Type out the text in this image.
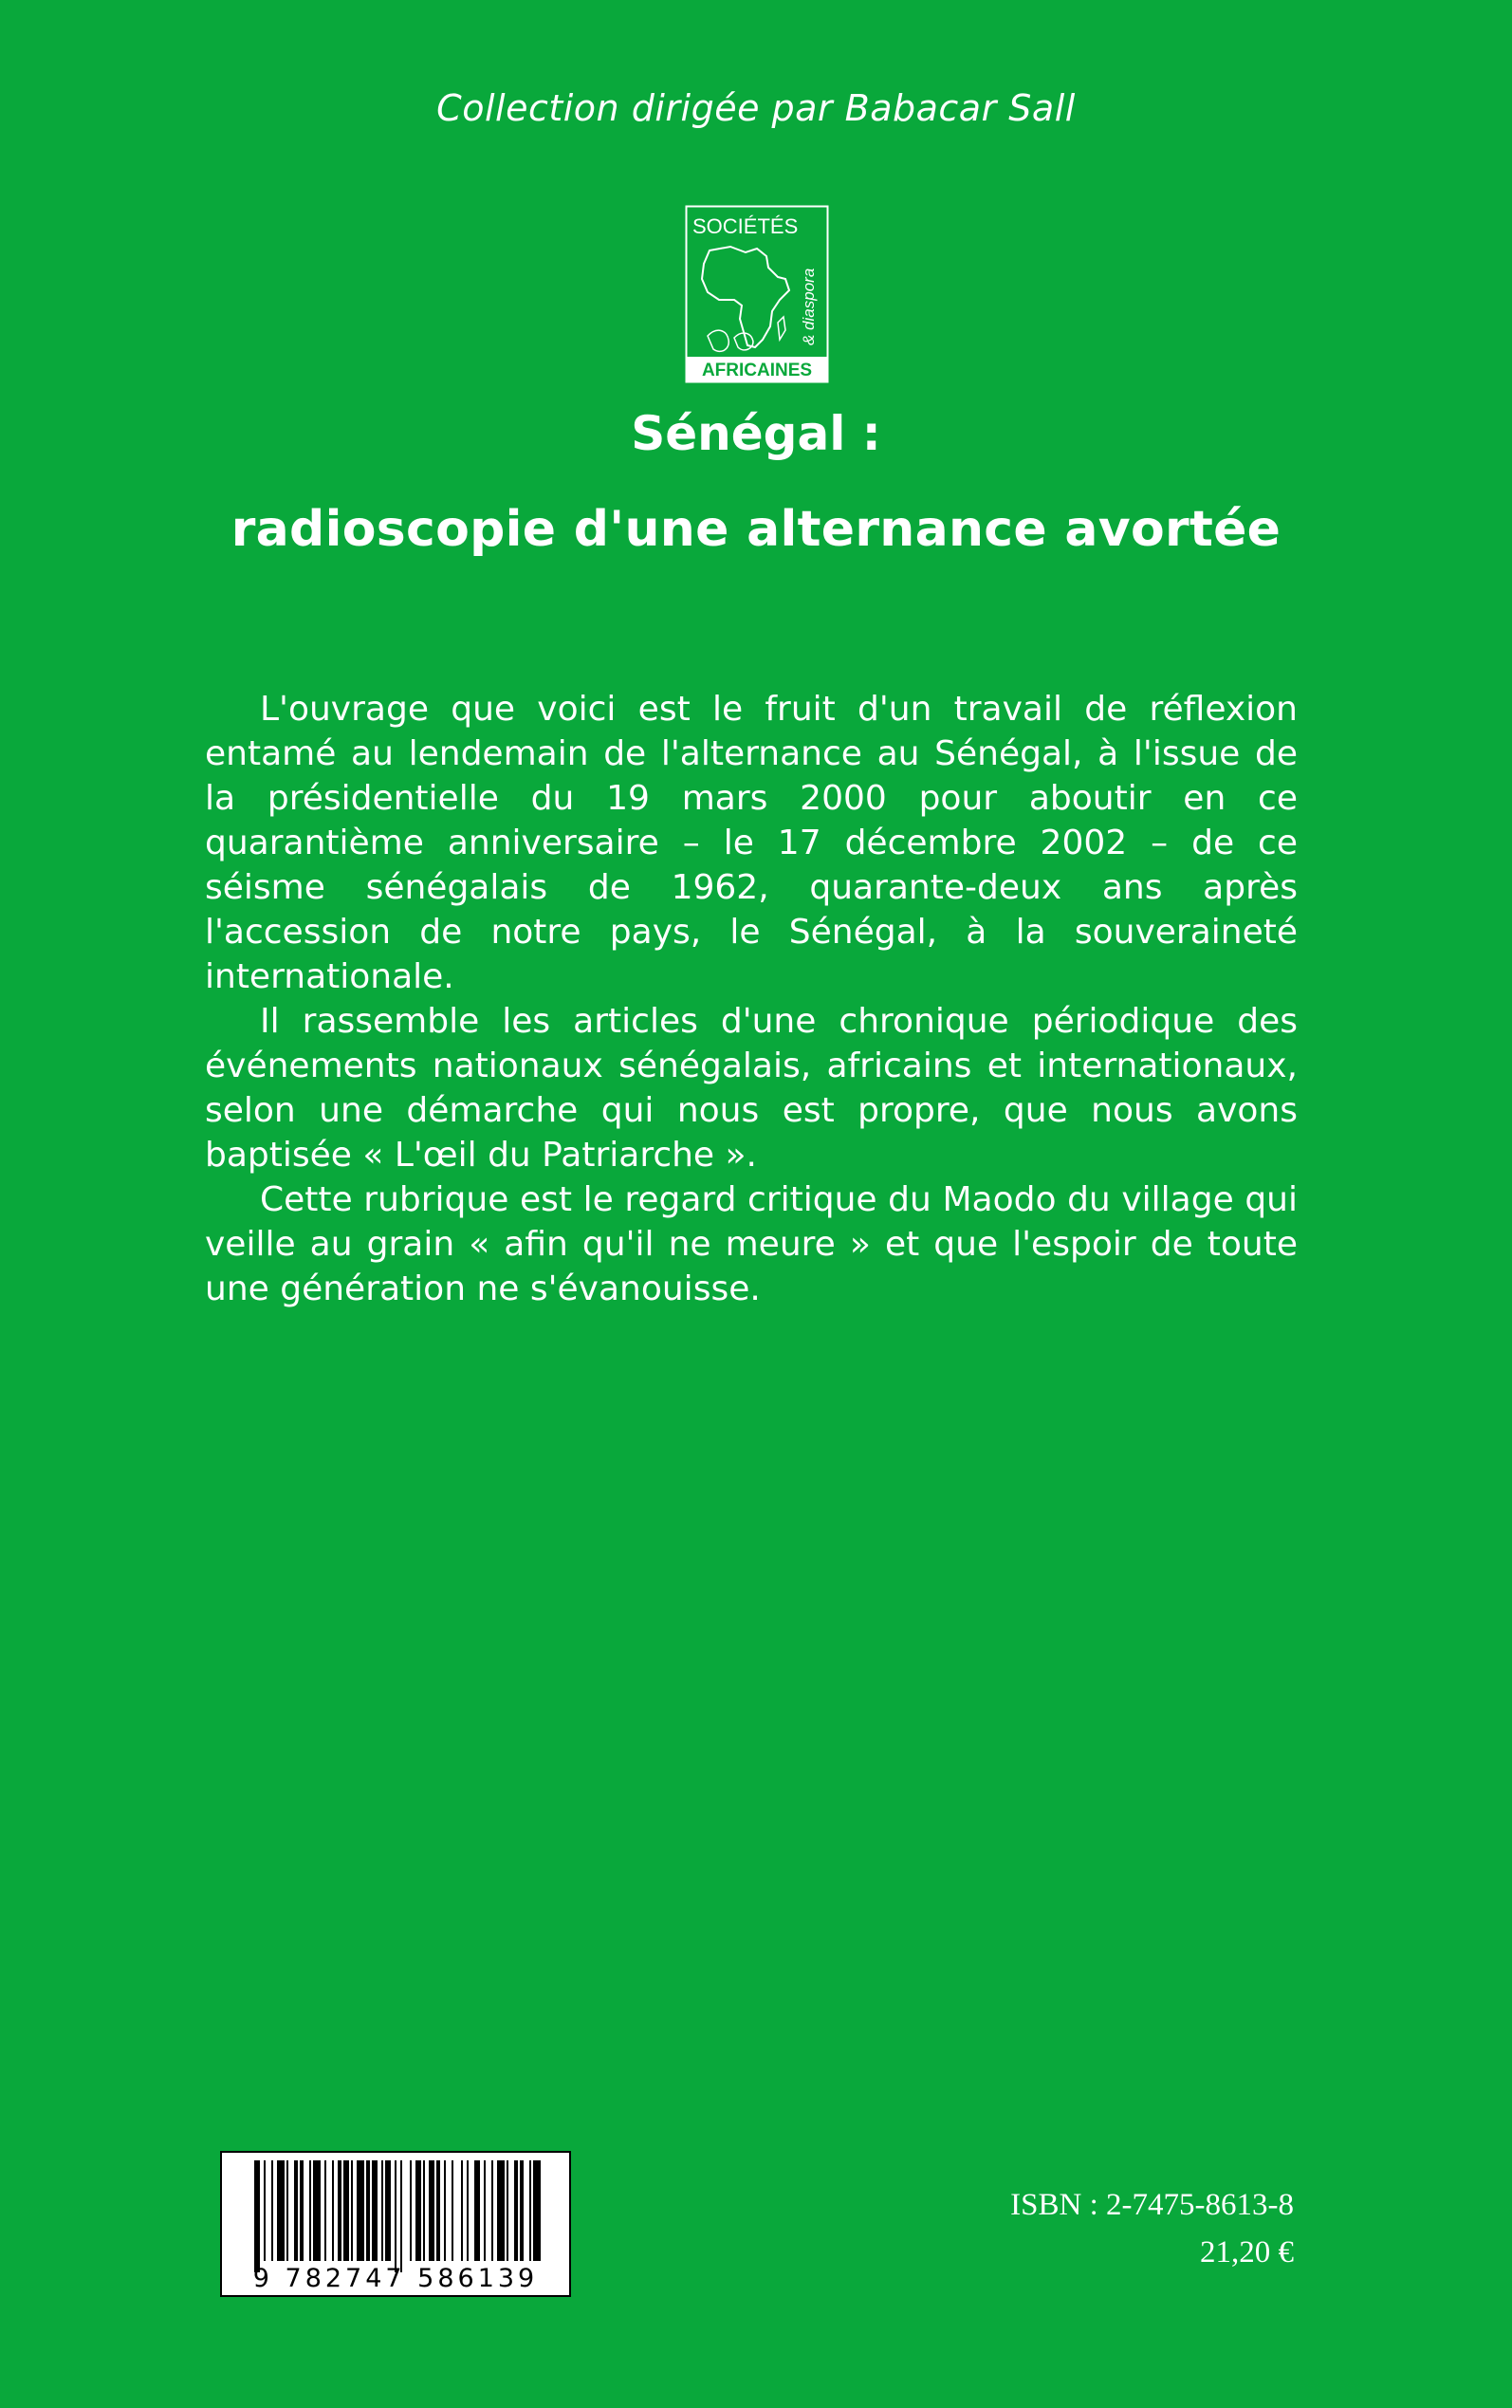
Collection dirigée par Babacar Sall
SOCIÉTÉS
& diaspora
AFRICAINES
Sénégal :
radioscopie d'une alternance avortée

L'ouvrage que voici est le fruit d'un travail de réflexion entamé au lendemain de l'alternance au Sénégal, à l'issue de la présidentielle du 19 mars 2000 pour aboutir en ce quarantième anniversaire – le 17 décembre 2002 – de ce séisme sénégalais de 1962, quarante-deux ans après l'accession de notre pays, le Sénégal, à la souveraineté internationale.

Il rassemble les articles d'une chronique périodique des événements nationaux sénégalais, africains et internationaux, selon une démarche qui nous est propre, que nous avons baptisée « L'œil du Patriarche ».

Cette rubrique est le regard critique du Maodo du village qui veille au grain « afin qu'il ne meure » et que l'espoir de toute une génération ne s'évanouisse.

9 782747 586139
ISBN : 2-7475-8613-8
21,20 €
